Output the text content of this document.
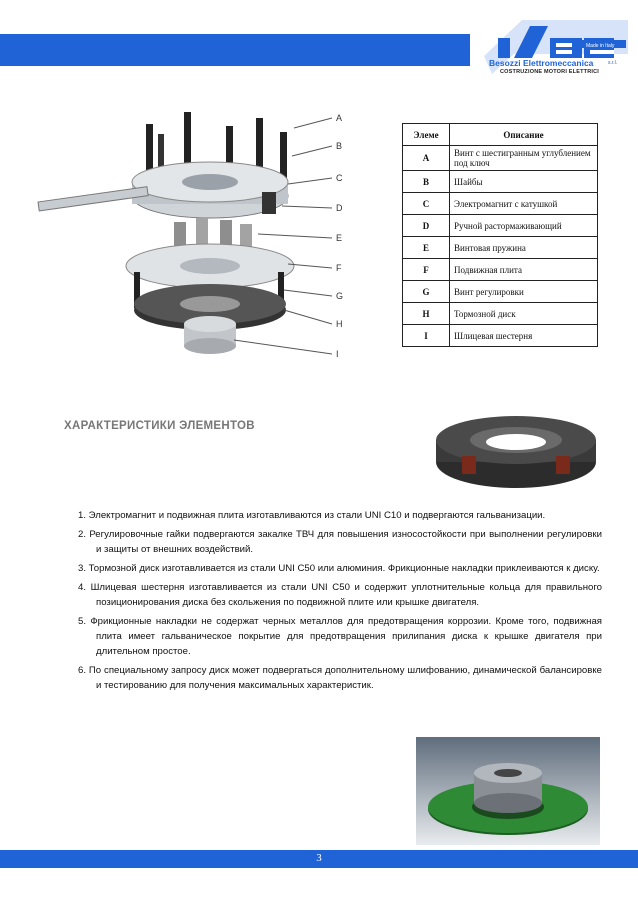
Made in Italy
Besozzi Elettromeccanica	s.r.l.
COSTRUZIONE MOTORI ELETTRICI
A
B
C
D
E
F
G
H
I
Элеме	Описание
A	Винт с шестигранным углублением под ключ
B	Шайбы
C	Электромагнит с катушкой
D	Ручной растормаживающий
E	Винтовая пружина
F	Подвижная плита
G	Винт регулировки
H	Тормозной диск
I	Шлицевая шестерня
ХАРАКТЕРИСТИКИ ЭЛЕМЕНТОВ
1. Электромагнит и подвижная плита изготавливаются из стали UNI C10 и подвергаются гальванизации.
2. Регулировочные гайки подвергаются закалке ТВЧ для повышения износостойкости при выполнении регулировки и защиты от внешних воздействий.
3. Тормозной диск изготавливается из стали UNI C50 или алюминия. Фрикционные накладки приклеиваются к диску.
4. Шлицевая шестерня изготавливается из стали UNI C50 и содержит уплотнительные кольца для правильного позиционирования диска без скольжения по подвижной плите или крышке двигателя.
5. Фрикционные накладки не содержат черных металлов для предотвращения коррозии. Кроме того, подвижная плита имеет гальваническое покрытие для предотвращения прилипания диска к крышке двигателя при длительном простое.
6. По специальному запросу диск может подвергаться дополнительному шлифованию, динамической балансировке и тестированию для получения максимальных характеристик.
3
